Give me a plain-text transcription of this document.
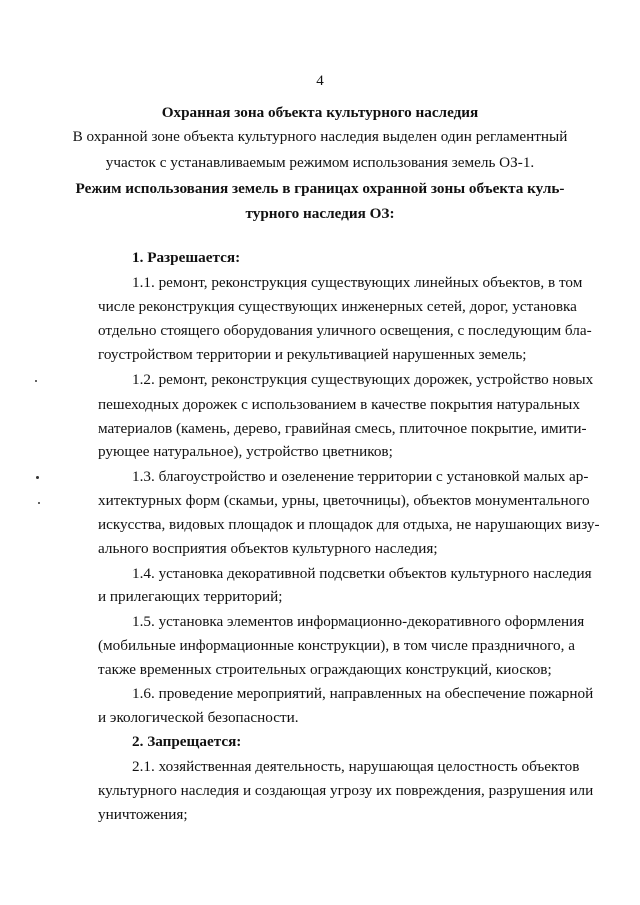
4
Охранная зона объекта культурного наследия
В охранной зоне объекта культурного наследия выделен один регламентный
участок с устанавливаемым режимом использования земель ОЗ-1.
Режим использования земель в границах охранной зоны объекта куль-
турного наследия ОЗ:
1. Разрешается:
1.1. ремонт, реконструкция существующих линейных объектов, в том
числе реконструкция существующих инженерных сетей, дорог, установка
отдельно стоящего оборудования уличного освещения, с последующим бла-
гоустройством территории и рекультивацией нарушенных земель;
1.2. ремонт, реконструкция существующих дорожек, устройство новых
пешеходных дорожек с использованием в качестве покрытия натуральных
материалов (камень, дерево, гравийная смесь, плиточное покрытие, имити-
рующее натуральное), устройство цветников;
1.3. благоустройство и озеленение территории с установкой малых ар-
хитектурных форм (скамьи, урны, цветочницы), объектов монументального
искусства, видовых площадок и площадок для отдыха, не нарушающих визу-
ального восприятия объектов культурного наследия;
1.4. установка декоративной подсветки объектов культурного наследия
и прилегающих территорий;
1.5. установка элементов информационно-декоративного оформления
(мобильные информационные конструкции), в том числе праздничного, а
также временных строительных ограждающих конструкций, киосков;
1.6. проведение мероприятий, направленных на обеспечение пожарной
и экологической безопасности.
2. Запрещается:
2.1. хозяйственная деятельность, нарушающая целостность объектов
культурного наследия и создающая угрозу их повреждения, разрушения или
уничтожения;
